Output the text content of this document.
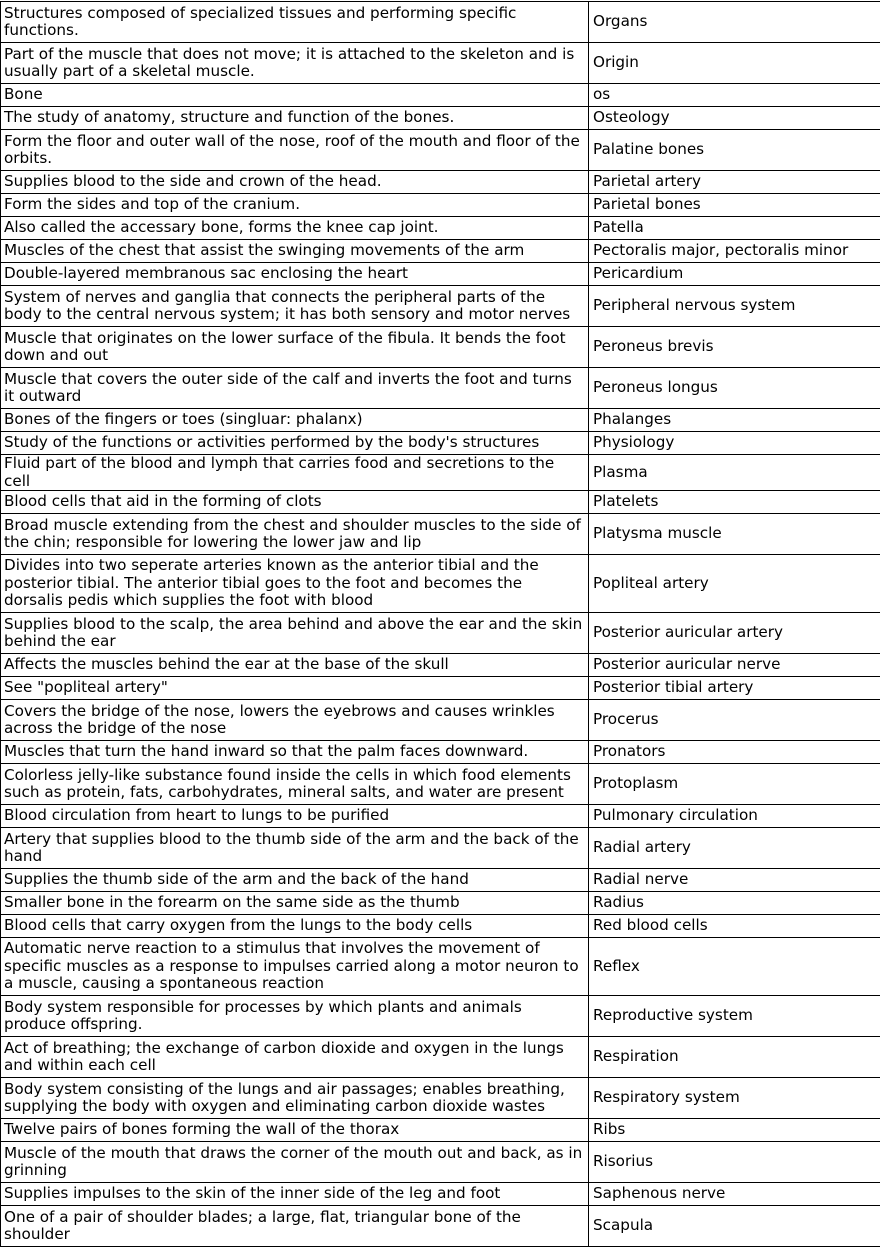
Structures composed of specialized tissues and performing specific functions.	Organs
Part of the muscle that does not move; it is attached to the skeleton and is usually part of a skeletal muscle.	Origin
Bone	os
The study of anatomy, structure and function of the bones.	Osteology
Form the floor and outer wall of the nose, roof of the mouth and floor of the orbits.	Palatine bones
Supplies blood to the side and crown of the head.	Parietal artery
Form the sides and top of the cranium.	Parietal bones
Also called the accessary bone, forms the knee cap joint.	Patella
Muscles of the chest that assist the swinging movements of the arm	Pectoralis major, pectoralis minor
Double-layered membranous sac enclosing the heart	Pericardium
System of nerves and ganglia that connects the peripheral parts of the body to the central nervous system; it has both sensory and motor nerves	Peripheral nervous system
Muscle that originates on the lower surface of the fibula. It bends the foot down and out	Peroneus brevis
Muscle that covers the outer side of the calf and inverts the foot and turns it outward	Peroneus longus
Bones of the fingers or toes (singluar: phalanx)	Phalanges
Study of the functions or activities performed by the body's structures	Physiology
Fluid part of the blood and lymph that carries food and secretions to the cell	Plasma
Blood cells that aid in the forming of clots	Platelets
Broad muscle extending from the chest and shoulder muscles to the side of the chin; responsible for lowering the lower jaw and lip	Platysma muscle
Divides into two seperate arteries known as the anterior tibial and the posterior tibial. The anterior tibial goes to the foot and becomes the dorsalis pedis which supplies the foot with blood	Popliteal artery
Supplies blood to the scalp, the area behind and above the ear and the skin behind the ear	Posterior auricular artery
Affects the muscles behind the ear at the base of the skull	Posterior auricular nerve
See "popliteal artery"	Posterior tibial artery
Covers the bridge of the nose, lowers the eyebrows and causes wrinkles across the bridge of the nose	Procerus
Muscles that turn the hand inward so that the palm faces downward.	Pronators
Colorless jelly-like substance found inside the cells in which food elements such as protein, fats, carbohydrates, mineral salts, and water are present	Protoplasm
Blood circulation from heart to lungs to be purified	Pulmonary circulation
Artery that supplies blood to the thumb side of the arm and the back of the hand	Radial artery
Supplies the thumb side of the arm and the back of the hand	Radial nerve
Smaller bone in the forearm on the same side as the thumb	Radius
Blood cells that carry oxygen from the lungs to the body cells	Red blood cells
Automatic nerve reaction to a stimulus that involves the movement of specific muscles as a response to impulses carried along a motor neuron to a muscle, causing a spontaneous reaction	Reflex
Body system responsible for processes by which plants and animals produce offspring.	Reproductive system
Act of breathing; the exchange of carbon dioxide and oxygen in the lungs and within each cell	Respiration
Body system consisting of the lungs and air passages; enables breathing, supplying the body with oxygen and eliminating carbon dioxide wastes	Respiratory system
Twelve pairs of bones forming the wall of the thorax	Ribs
Muscle of the mouth that draws the corner of the mouth out and back, as in grinning	Risorius
Supplies impulses to the skin of the inner side of the leg and foot	Saphenous nerve
One of a pair of shoulder blades; a large, flat, triangular bone of the shoulder	Scapula
